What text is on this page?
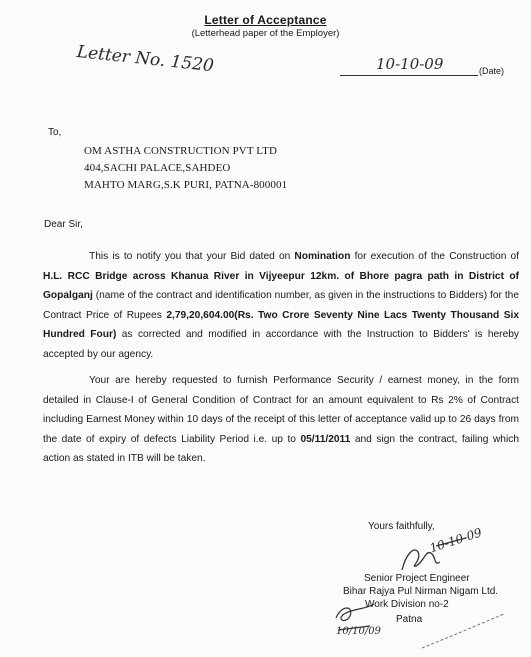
Letter of Acceptance
(Letterhead paper of the Employer)
Letter No. 1520	10-10-09	(Date)
To,
OM ASTHA CONSTRUCTION PVT LTD
404,SACHI PALACE,SAHDEO
MAHTO MARG,S.K PURI, PATNA-800001
Dear Sir,

This is to notify you that your Bid dated on Nomination for execution of the Construction of H.L. RCC Bridge across Khanua River in Vijyeepur 12km. of Bhore pagra path in District of Gopalganj (name of the contract and identification number, as given in the instructions to Bidders) for the Contract Price of Rupees 2,79,20,604.00(Rs. Two Crore Seventy Nine Lacs Twenty Thousand Six Hundred Four) as corrected and modified in accordance with the Instruction to Bidders' is hereby accepted by our agency.

Your are hereby requested to furnish Performance Security / earnest money, in the form detailed in Clause-I of General Condition of Contract for an amount equivalent to Rs 2% of Contract including Earnest Money within 10 days of the receipt of this letter of acceptance valid up to 26 days from the date of expiry of defects Liability Period i.e. up to 05/11/2011 and sign the contract, failing which action as stated in ITB will be taken.

Yours faithfully,
10-10-09
Senior Project Engineer
Bihar Rajya Pul Nirman Nigam Ltd.
Work Division no-2
Patna
10/10/09
